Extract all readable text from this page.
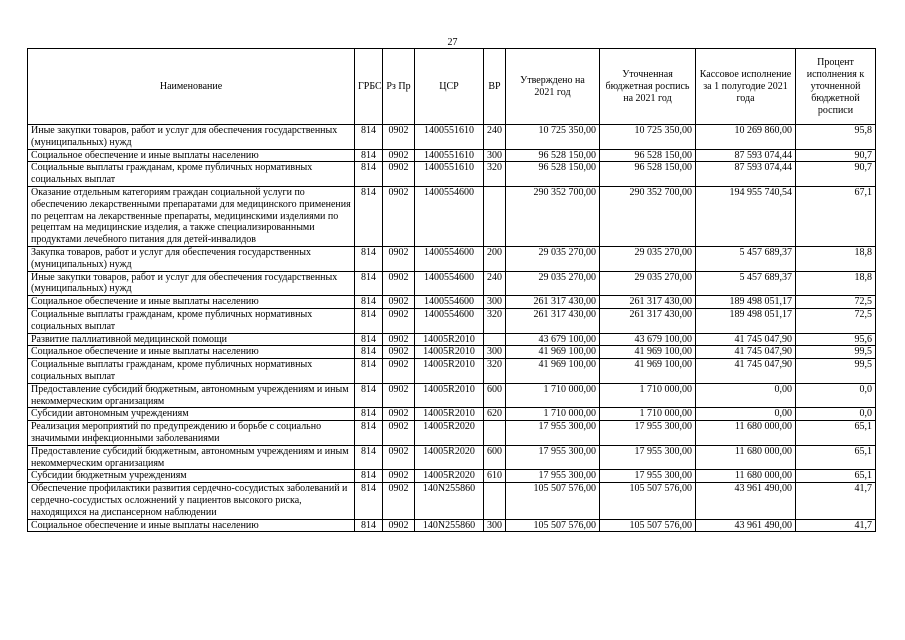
27
Наименование	ГРБС	Рз Пр	ЦСР	ВР	Утверждено на 2021 год	Уточненная бюджетная роспись на 2021 год	Кассовое исполнение за 1 полугодие 2021 года	Процент исполнения к уточненной бюджетной росписи
Иные закупки товаров, работ и услуг для обеспечения государственных (муниципальных) нужд	814	0902	1400551610	240	10 725 350,00	10 725 350,00	10 269 860,00	95,8
Социальное обеспечение и иные выплаты населению	814	0902	1400551610	300	96 528 150,00	96 528 150,00	87 593 074,44	90,7
Социальные выплаты гражданам, кроме публичных нормативных социальных выплат	814	0902	1400551610	320	96 528 150,00	96 528 150,00	87 593 074,44	90,7
Оказание отдельным категориям граждан социальной услуги по обеспечению лекарственными препаратами для медицинского применения по рецептам на лекарственные препараты, медицинскими изделиями по рецептам на медицинские изделия, а также специализированными продуктами лечебного питания для детей-инвалидов	814	0902	1400554600		290 352 700,00	290 352 700,00	194 955 740,54	67,1
Закупка товаров, работ и услуг для обеспечения государственных (муниципальных) нужд	814	0902	1400554600	200	29 035 270,00	29 035 270,00	5 457 689,37	18,8
Иные закупки товаров, работ и услуг для обеспечения государственных (муниципальных) нужд	814	0902	1400554600	240	29 035 270,00	29 035 270,00	5 457 689,37	18,8
Социальное обеспечение и иные выплаты населению	814	0902	1400554600	300	261 317 430,00	261 317 430,00	189 498 051,17	72,5
Социальные выплаты гражданам, кроме публичных нормативных социальных выплат	814	0902	1400554600	320	261 317 430,00	261 317 430,00	189 498 051,17	72,5
Развитие паллиативной медицинской помощи	814	0902	14005R2010		43 679 100,00	43 679 100,00	41 745 047,90	95,6
Социальное обеспечение и иные выплаты населению	814	0902	14005R2010	300	41 969 100,00	41 969 100,00	41 745 047,90	99,5
Социальные выплаты гражданам, кроме публичных нормативных социальных выплат	814	0902	14005R2010	320	41 969 100,00	41 969 100,00	41 745 047,90	99,5
Предоставление субсидий бюджетным, автономным учреждениям и иным некоммерческим организациям	814	0902	14005R2010	600	1 710 000,00	1 710 000,00	0,00	0,0
Субсидии автономным учреждениям	814	0902	14005R2010	620	1 710 000,00	1 710 000,00	0,00	0,0
Реализация мероприятий по предупреждению и борьбе с социально значимыми инфекционными заболеваниями	814	0902	14005R2020		17 955 300,00	17 955 300,00	11 680 000,00	65,1
Предоставление субсидий бюджетным, автономным учреждениям и иным некоммерческим организациям	814	0902	14005R2020	600	17 955 300,00	17 955 300,00	11 680 000,00	65,1
Субсидии бюджетным учреждениям	814	0902	14005R2020	610	17 955 300,00	17 955 300,00	11 680 000,00	65,1
Обеспечение профилактики развития сердечно-сосудистых заболеваний и сердечно-сосудистых осложнений у пациентов высокого риска, находящихся на диспансерном наблюдении	814	0902	140N255860		105 507 576,00	105 507 576,00	43 961 490,00	41,7
Социальное обеспечение и иные выплаты населению	814	0902	140N255860	300	105 507 576,00	105 507 576,00	43 961 490,00	41,7
